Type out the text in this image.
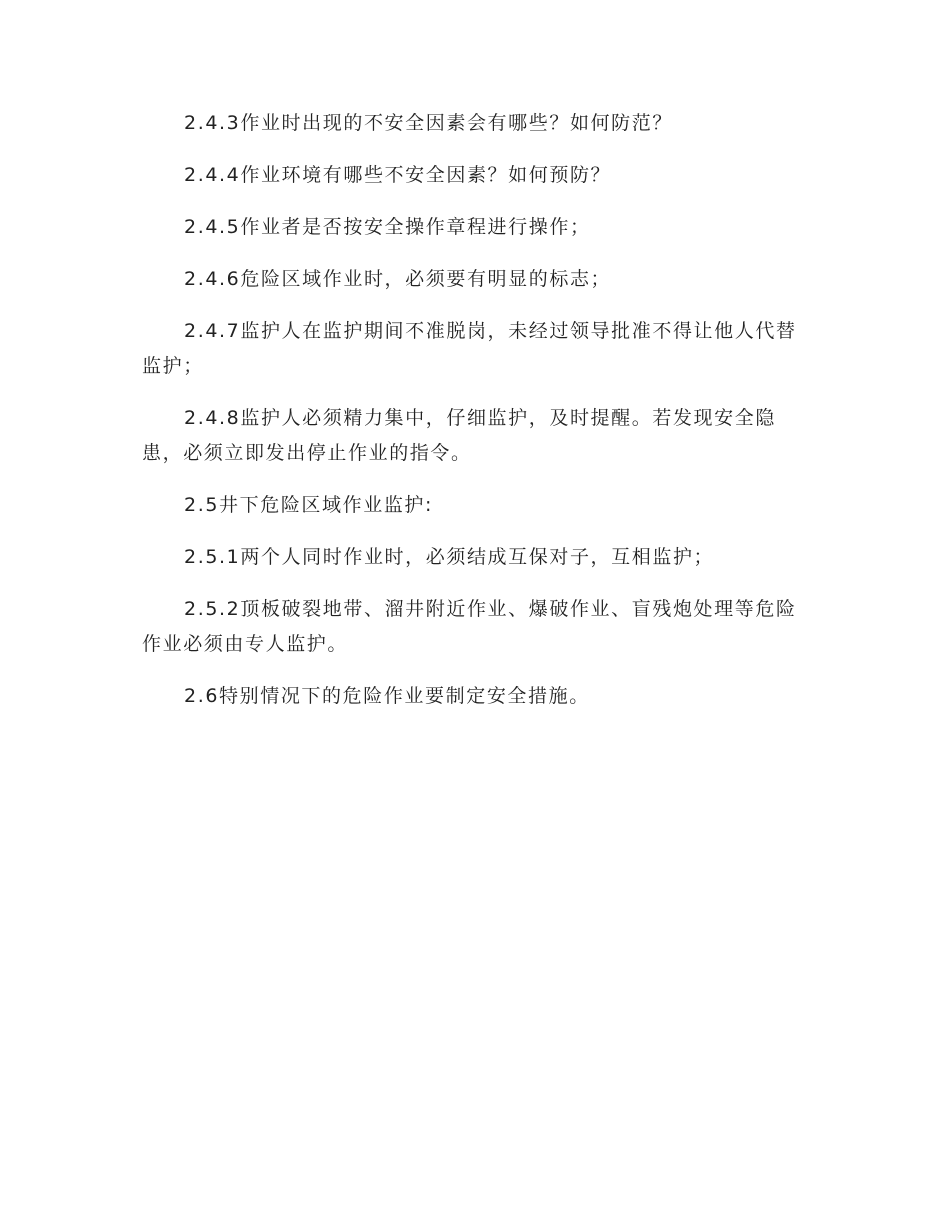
2.4.3作业时出现的不安全因素会有哪些？如何防范？

2.4.4作业环境有哪些不安全因素？如何预防？

2.4.5作业者是否按安全操作章程进行操作；

2.4.6危险区域作业时，必须要有明显的标志；

2.4.7监护人在监护期间不准脱岗，未经过领导批准不得让他人代替监护；

2.4.8监护人必须精力集中，仔细监护，及时提醒。若发现安全隐患，必须立即发出停止作业的指令。

2.5井下危险区域作业监护:

2.5.1两个人同时作业时，必须结成互保对子，互相监护；

2.5.2顶板破裂地带、溜井附近作业、爆破作业、盲残炮处理等危险作业必须由专人监护。

2.6特别情况下的危险作业要制定安全措施。
